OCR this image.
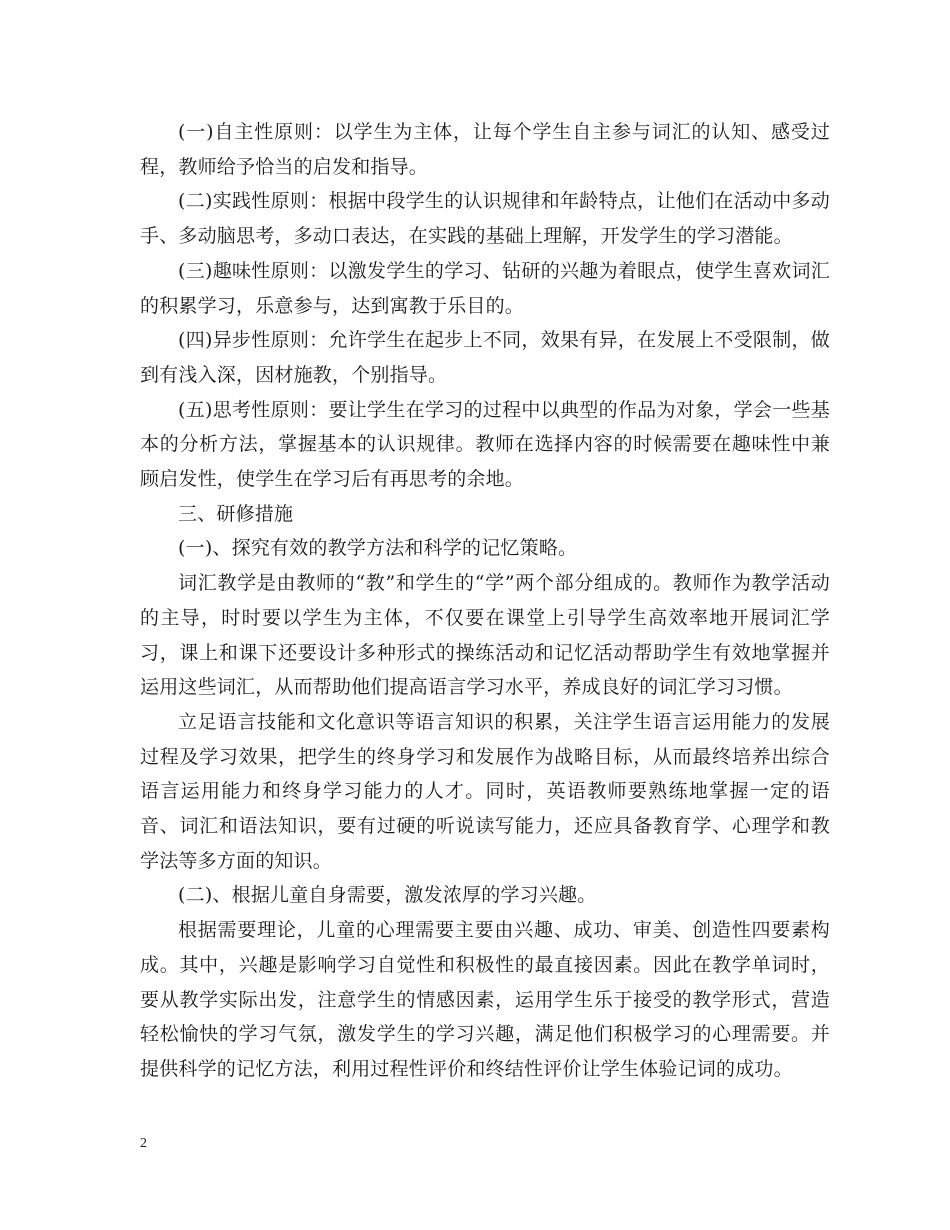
(一)自主性原则：以学生为主体，让每个学生自主参与词汇的认知、感受过程，教师给予恰当的启发和指导。

(二)实践性原则：根据中段学生的认识规律和年龄特点，让他们在活动中多动手、多动脑思考，多动口表达，在实践的基础上理解，开发学生的学习潜能。

(三)趣味性原则：以激发学生的学习、钻研的兴趣为着眼点，使学生喜欢词汇的积累学习，乐意参与，达到寓教于乐目的。

(四)异步性原则：允许学生在起步上不同，效果有异，在发展上不受限制，做到有浅入深，因材施教，个别指导。

(五)思考性原则：要让学生在学习的过程中以典型的作品为对象，学会一些基本的分析方法，掌握基本的认识规律。教师在选择内容的时候需要在趣味性中兼顾启发性，使学生在学习后有再思考的余地。

三、研修措施

(一)、探究有效的教学方法和科学的记忆策略。

词汇教学是由教师的“教”和学生的“学”两个部分组成的。教师作为教学活动的主导，时时要以学生为主体，不仅要在课堂上引导学生高效率地开展词汇学习，课上和课下还要设计多种形式的操练活动和记忆活动帮助学生有效地掌握并运用这些词汇，从而帮助他们提高语言学习水平，养成良好的词汇学习习惯。

立足语言技能和文化意识等语言知识的积累，关注学生语言运用能力的发展过程及学习效果，把学生的终身学习和发展作为战略目标，从而最终培养出综合语言运用能力和终身学习能力的人才。同时，英语教师要熟练地掌握一定的语音、词汇和语法知识，要有过硬的听说读写能力，还应具备教育学、心理学和教学法等多方面的知识。

(二)、根据儿童自身需要，激发浓厚的学习兴趣。

根据需要理论，儿童的心理需要主要由兴趣、成功、审美、创造性四要素构成。其中，兴趣是影响学习自觉性和积极性的最直接因素。因此在教学单词时，要从教学实际出发，注意学生的情感因素，运用学生乐于接受的教学形式，营造轻松愉快的学习气氛，激发学生的学习兴趣，满足他们积极学习的心理需要。并提供科学的记忆方法，利用过程性评价和终结性评价让学生体验记词的成功。

2
